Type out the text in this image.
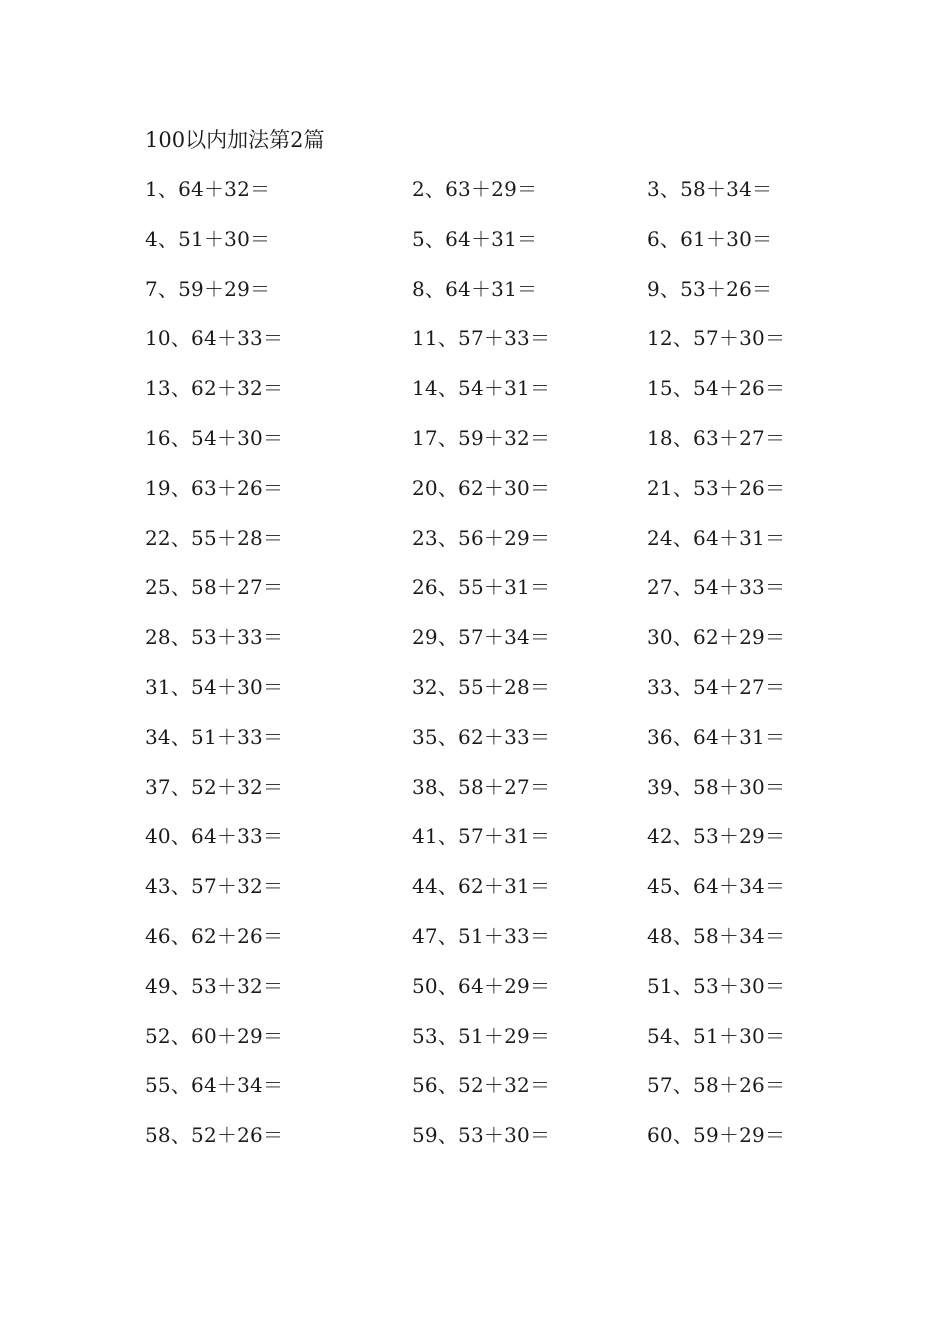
100以内加法第2篇
1、64＋32＝	2、63＋29＝	3、58＋34＝
4、51＋30＝	5、64＋31＝	6、61＋30＝
7、59＋29＝	8、64＋31＝	9、53＋26＝
10、64＋33＝	11、57＋33＝	12、57＋30＝
13、62＋32＝	14、54＋31＝	15、54＋26＝
16、54＋30＝	17、59＋32＝	18、63＋27＝
19、63＋26＝	20、62＋30＝	21、53＋26＝
22、55＋28＝	23、56＋29＝	24、64＋31＝
25、58＋27＝	26、55＋31＝	27、54＋33＝
28、53＋33＝	29、57＋34＝	30、62＋29＝
31、54＋30＝	32、55＋28＝	33、54＋27＝
34、51＋33＝	35、62＋33＝	36、64＋31＝
37、52＋32＝	38、58＋27＝	39、58＋30＝
40、64＋33＝	41、57＋31＝	42、53＋29＝
43、57＋32＝	44、62＋31＝	45、64＋34＝
46、62＋26＝	47、51＋33＝	48、58＋34＝
49、53＋32＝	50、64＋29＝	51、53＋30＝
52、60＋29＝	53、51＋29＝	54、51＋30＝
55、64＋34＝	56、52＋32＝	57、58＋26＝
58、52＋26＝	59、53＋30＝	60、59＋29＝
